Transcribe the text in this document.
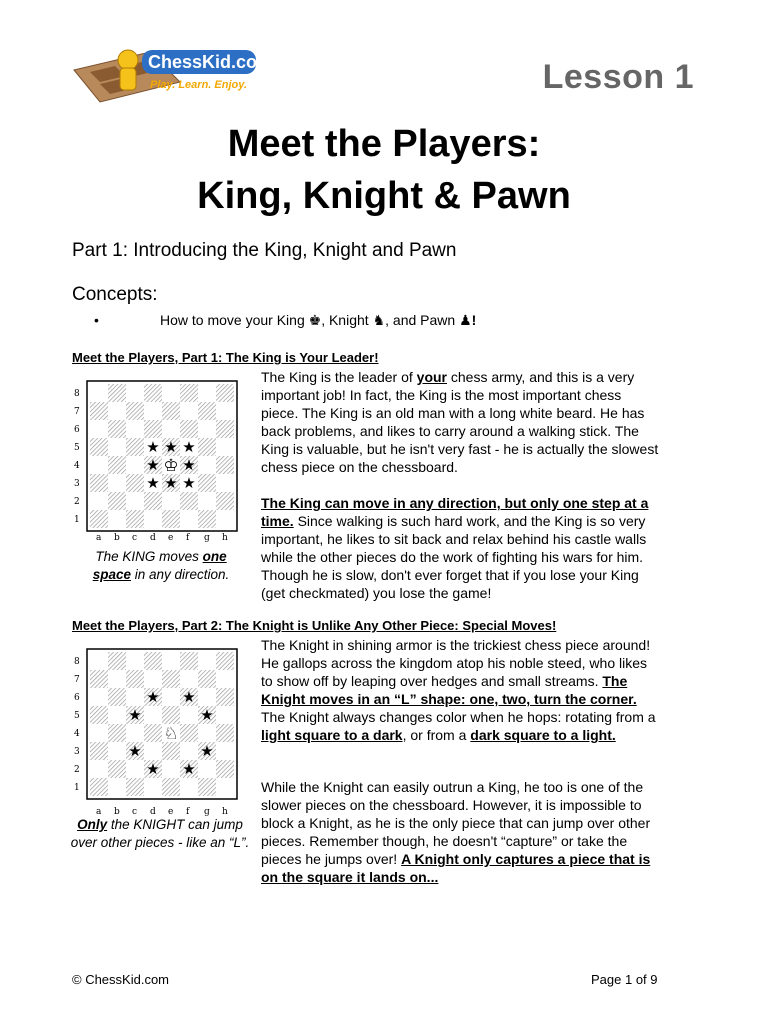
ChessKid.com
Play. Learn. Enjoy.	Lesson 1
Meet the Players:
King, Knight & Pawn
Part 1: Introducing the King, Knight and Pawn
Concepts:
•	How to move your King ♚, Knight ♞, and Pawn ♟!
Meet the Players, Part 1: The King is Your Leader!
8
7
6
5
4
3
2
1
a b c d e f g h
★ ★ ★
★ ★
★ ★ ★
♔
The KING moves one space in any direction.
The King is the leader of your chess army, and this is a very important job! In fact, the King is the most important chess piece. The King is an old man with a long white beard. He has back problems, and likes to carry around a walking stick. The King is valuable, but he isn't very fast - he is actually the slowest chess piece on the chessboard.
The King can move in any direction, but only one step at a time. Since walking is such hard work, and the King is so very important, he likes to sit back and relax behind his castle walls while the other pieces do the work of fighting his wars for him. Though he is slow, don't ever forget that if you lose your King (get checkmated) you lose the game!
Meet the Players, Part 2: The Knight is Unlike Any Other Piece: Special Moves!
8
7
6
5
4
3
2
1
a b c d e f g h
★ ★
★	★
★	★
★ ★
♘
Only the KNIGHT can jump over other pieces - like an “L”.
The Knight in shining armor is the trickiest chess piece around! He gallops across the kingdom atop his noble steed, who likes to show off by leaping over hedges and small streams. The Knight moves in an “L” shape: one, two, turn the corner. The Knight always changes color when he hops: rotating from a light square to a dark, or from a dark square to a light.
While the Knight can easily outrun a King, he too is one of the slower pieces on the chessboard. However, it is impossible to block a Knight, as he is the only piece that can jump over other pieces. Remember though, he doesn't “capture” or take the pieces he jumps over! A Knight only captures a piece that is on the square it lands on...
© ChessKid.com	Page 1 of 9
